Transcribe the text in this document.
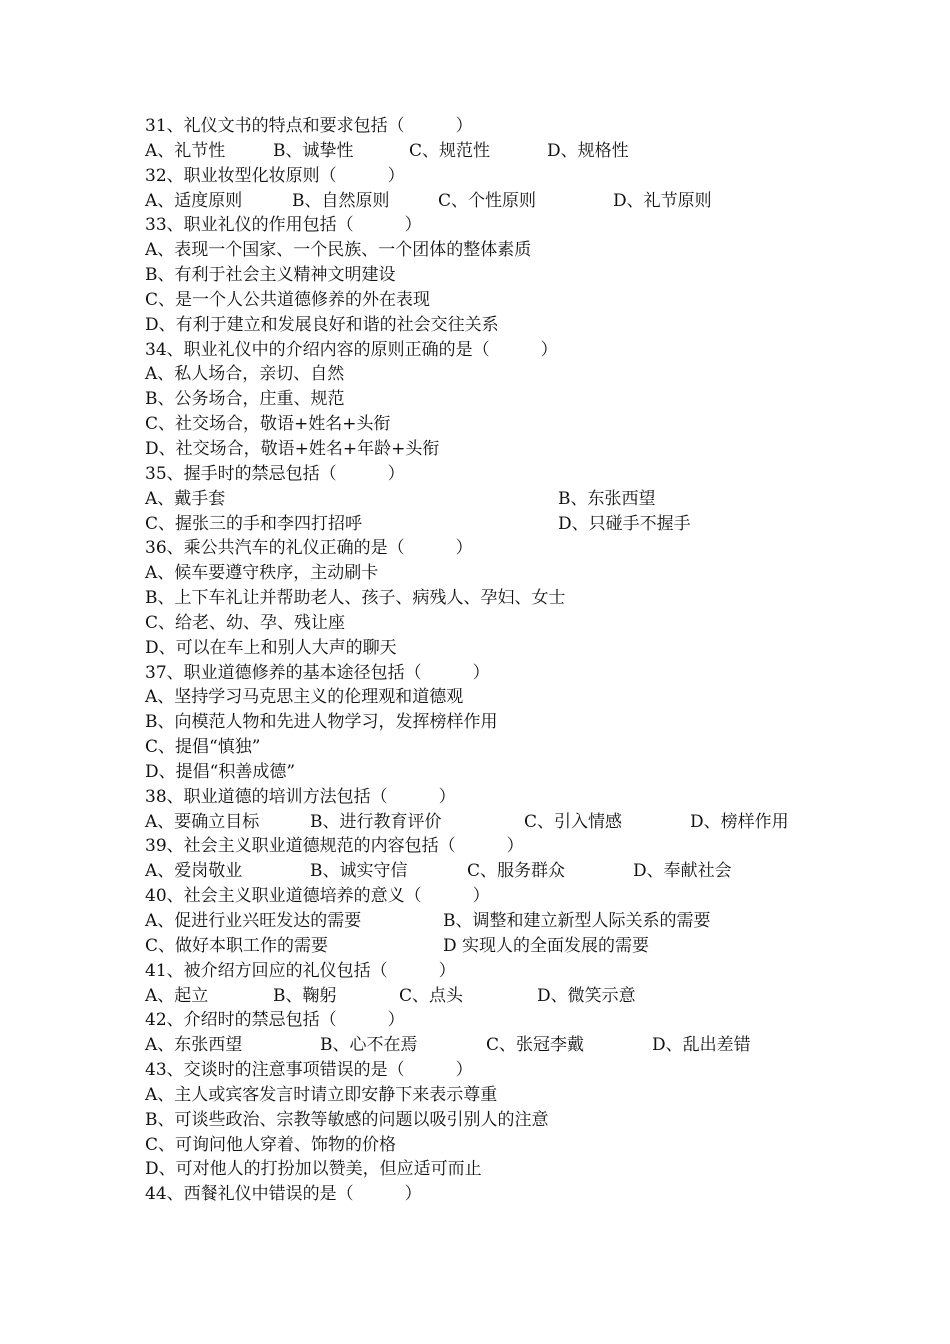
31、礼仪文书的特点和要求包括（　　　）
A、礼节性	B、诚挚性	C、规范性	D、规格性
32、职业妆型化妆原则（　　　）
A、适度原则	B、自然原则	C、个性原则	D、礼节原则
33、职业礼仪的作用包括（　　　）
A、表现一个国家、一个民族、一个团体的整体素质
B、有利于社会主义精神文明建设
C、是一个人公共道德修养的外在表现
D、有利于建立和发展良好和谐的社会交往关系
34、职业礼仪中的介绍内容的原则正确的是（　　　）
A、私人场合，亲切、自然
B、公务场合，庄重、规范
C、社交场合，敬语+姓名+头衔
D、社交场合，敬语+姓名+年龄+头衔
35、握手时的禁忌包括（　　　）
A、戴手套	B、东张西望
C、握张三的手和李四打招呼	D、只碰手不握手
36、乘公共汽车的礼仪正确的是（　　　）
A、候车要遵守秩序，主动刷卡
B、上下车礼让并帮助老人、孩子、病残人、孕妇、女士
C、给老、幼、孕、残让座
D、可以在车上和别人大声的聊天
37、职业道德修养的基本途径包括（　　　）
A、坚持学习马克思主义的伦理观和道德观
B、向模范人物和先进人物学习，发挥榜样作用
C、提倡“慎独”
D、提倡“积善成德”
38、职业道德的培训方法包括（　　　）
A、要确立目标	B、进行教育评价	C、引入情感	D、榜样作用
39、社会主义职业道德规范的内容包括（　　　）
A、爱岗敬业	B、诚实守信	C、服务群众	D、奉献社会
40、社会主义职业道德培养的意义（　　　）
A、促进行业兴旺发达的需要	B、调整和建立新型人际关系的需要
C、做好本职工作的需要	D 实现人的全面发展的需要
41、被介绍方回应的礼仪包括（　　　）
A、起立	B、鞠躬	C、点头	D、微笑示意
42、介绍时的禁忌包括（　　　）
A、东张西望	B、心不在焉	C、张冠李戴	D、乱出差错
43、交谈时的注意事项错误的是（　　　）
A、主人或宾客发言时请立即安静下来表示尊重
B、可谈些政治、宗教等敏感的问题以吸引别人的注意
C、可询问他人穿着、饰物的价格
D、可对他人的打扮加以赞美，但应适可而止
44、西餐礼仪中错误的是（　　　）
